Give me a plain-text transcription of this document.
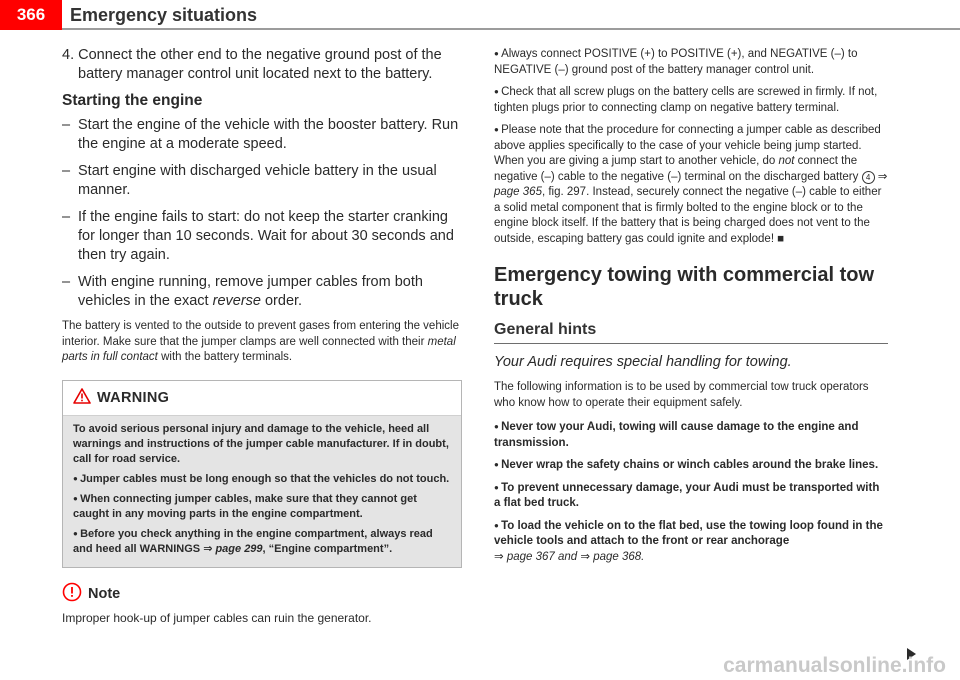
366 Emergency situations

4. Connect the other end to the negative ground post of the battery manager control unit located next to the battery.

Starting the engine
– Start the engine of the vehicle with the booster battery. Run the engine at a moderate speed.
– Start engine with discharged vehicle battery in the usual manner.
– If the engine fails to start: do not keep the starter cranking for longer than 10 seconds. Wait for about 30 seconds and then try again.
– With engine running, remove jumper cables from both vehicles in the exact reverse order.

The battery is vented to the outside to prevent gases from entering the vehicle interior. Make sure that the jumper clamps are well connected with their metal parts in full contact with the battery terminals.

WARNING

To avoid serious personal injury and damage to the vehicle, heed all warnings and instructions of the jumper cable manufacturer. If in doubt, call for road service.

● Jumper cables must be long enough so that the vehicles do not touch.

● When connecting jumper cables, make sure that they cannot get caught in any moving parts in the engine compartment.

● Before you check anything in the engine compartment, always read and heed all WARNINGS ⇒ page 299, “Engine compartment”.

Note

Improper hook-up of jumper cables can ruin the generator.

● Always connect POSITIVE (+) to POSITIVE (+), and NEGATIVE (–) to NEGATIVE (–) ground post of the battery manager control unit.
● Check that all screw plugs on the battery cells are screwed in firmly. If not, tighten plugs prior to connecting clamp on negative battery terminal.
● Please note that the procedure for connecting a jumper cable as described above applies specifically to the case of your vehicle being jump started. When you are giving a jump start to another vehicle, do not connect the negative (–) cable to the negative (–) terminal on the discharged battery 4 ⇒ page 365, fig. 297. Instead, securely connect the negative (–) cable to either a solid metal component that is firmly bolted to the engine block or to the engine block itself. If the battery that is being charged does not vent to the outside, escaping battery gas could ignite and explode! ■
Emergency towing with commercial tow truck
General hints

Your Audi requires special handling for towing.

The following information is to be used by commercial tow truck operators who know how to operate their equipment safely.

● Never tow your Audi, towing will cause damage to the engine and transmission.
● Never wrap the safety chains or winch cables around the brake lines.
● To prevent unnecessary damage, your Audi must be transported with a flat bed truck.
● To load the vehicle on to the flat bed, use the towing loop found in the vehicle tools and attach to the front or rear anchorage
⇒ page 367 and ⇒ page 368.
carmanualsonline.info
